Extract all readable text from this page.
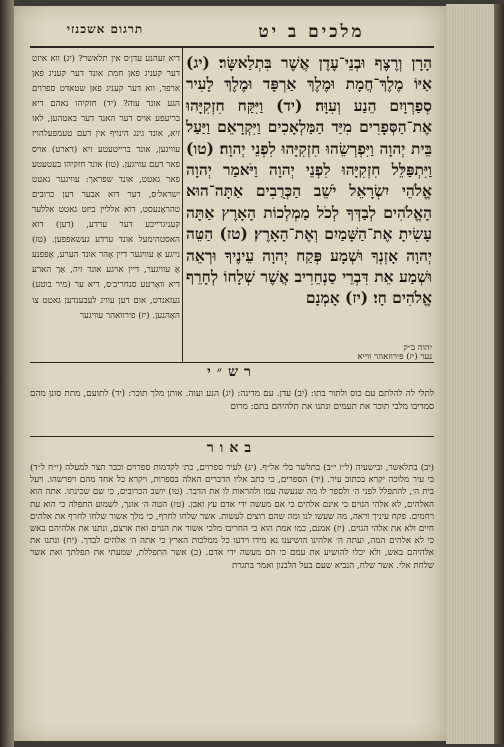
מלכים ב יט
תרגום אשכנזי
הָרָן וְרֶצֶף וּבְנֵי־עֶדֶן אֲשֶׁר בִּתְלַאשָּׂר׃ (יג) אַיּוֹ מֶלֶךְ־חֲמָת וּמֶלֶךְ אַרְפָּד וּמֶלֶךְ לָעִיר סְפַרְוָיִם הֵנַע וְעִוָּה׃ (יד) וַיִּקַּח חִזְקִיָּהוּ אֶת־הַסְּפָרִים מִיַּד הַמַּלְאָכִים וַיִּקְרָאֵם וַיַּעַל בֵּית יְהוָה וַיִּפְרְשֵׂהוּ חִזְקִיָּהוּ לִפְנֵי יְהוָה׃ (טו) וַיִּתְפַּלֵּל חִזְקִיָּהוּ לִפְנֵי יְהוָה וַיֹּאמַר יְהוָה אֱלֹהֵי יִשְׂרָאֵל יֹשֵׁב הַכְּרֻבִים אַתָּה־הוּא הָאֱלֹהִים לְבַדְּךָ לְכֹל מַמְלְכוֹת הָאָרֶץ אַתָּה עָשִׂיתָ אֶת־הַשָּׁמַיִם וְאֶת־הָאָרֶץ׃ (טז) הַטֵּה יְהוָה אָזְנְךָ וּשְׁמָע פְּקַח יְהוָה עֵינֶיךָ וּרְאֵה וּשְׁמַע אֵת דִּבְרֵי סַנְחֵרִיב אֲשֶׁר שְׁלָחוֹ לְחָרֵף אֱלֹהִים חָי׃ (יז) אָמְנָם
יהוה ב״ק
נער (יז) פירוזאהר ווייא
דיא זעהנע עדן׳ס אין תלאשר? (יג) ווא איזט דער קעניג פאן חמת אונד דער קעניג פאן ארפד, ווא דער קעניג פאן שטאדט ספרוים הנע אונד עוה? (יד) חזקיהו נאהם דיא בריעפע אויס דער האנד דער באטהען, לאז זיא, אונד גינג הינויף אין דעם טעמפעלהויז עוויגען, אונד ברייטעטע זיא (דארט) אויס פאר דעם עוויגען. (טו) אונד חזקיהו בעטעטע פאר גאטט, אונד שפראך: עוויגער גאטט ישראל׳ס, דער דוא אבער דען כרובים טהראָנעסט, דוא אללײן ביזט גאטט אללער קעניגרײכע דער ערדע, (דען) דוא האסטהימעל אונד ערדע געשאפפען. (טז) נייגע אַ עוויגער דיין אָהר אונד הערע, אָפּפנע אָ עוויגער, דיין אויגע אונד זיה, אַך הארע דיא וואָרטע סנחריב׳ס, דיא ער (מיר בוטע) געזאנדט, אום דען עוויג לעבענדען גאטט צו האָהנען. (יז) פירוואהר עוויגער
רש״י
לתלי לה להלתם עם כוס ולתור בתו: (יב) עדן. עם מדינה: (יג) הנע ועוה. אותן מלך תוכר: (יד) לתועם, מתת סונן מהם סמדיבו מלבי תוכר את תעמים ונתנו את תלהיהם בתם: מרום
באור
(יב) בתלאשר, ובישעיה (ל״ז י״ב) בתלשר בלי אל״ף. (יג) לעיר ספרוים, כת׳ לקדמות ספרוים וכבר תצר למעלה (י״ח ל״ד) כי עיר מלוכה יקרא בכתוב עיר. (יד) הספרים, כי כתב אליו הדברים האלה בספרות, ויקרא כל אחד מהם ויפרשהו. ויעל בית ה׳, להתפלל לפני ה׳ ולספר לו מה שנעשה עמו ולהראות לו את הדבר. (טו) יושב הכרובים, כי שם שכינתו. אתה הוא האלהים, לא אלהי הגוים כי אינם אלהים כי אם מעשה ידי אדם עץ ואבן. (טז) הטה ה׳ אזנך, לשמוע התפלה כי הוא עת רחמים. פקח עיניך וראה, מה שעשו לנו ומה שהם רוצים לעשות. אשר שלחו לחרף, כי מלך אשור שלחו לחרף את אלהים חיים ולא את אלהי הגוים. (יז) אמנם, כמו אמת הוא כי החריבו מלכי אשור את הגוים ואת ארצם, ונתנו את אלהיהם באש כי לא אלהים המה, ועתה ה׳ אלהינו הושיענו נא מידו וידעו כל ממלכות הארץ כי אתה ה׳ אלהים לבדך. (יח) ונתנו את אלהיהם באש, ולא יכלו להושיע את עמם כי הם מעשה ידי אדם. (כ) אשר התפללת, שמעתי את תפלתך ואת אשר שלחת אלי. אשר שלח, הנביא שעם בעל הלבנון ואמר בתגרת
